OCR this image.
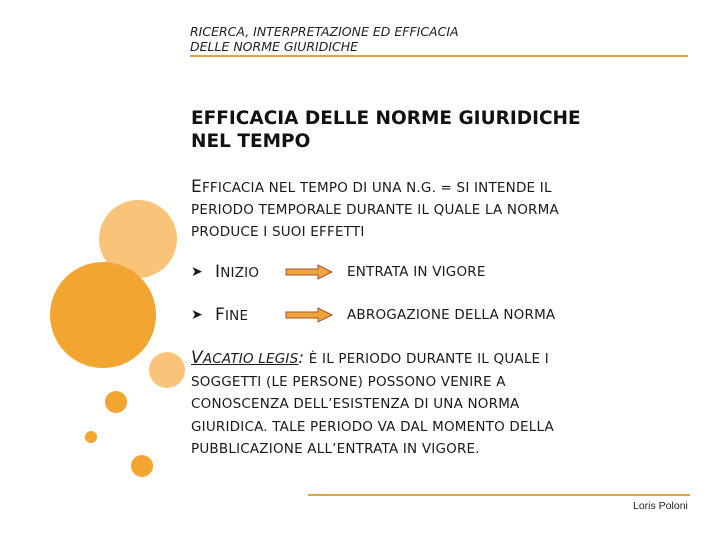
RICERCA, INTERPRETAZIONE ED EFFICACIA
DELLE NORME GIURIDICHE
EFFICACIA DELLE NORME GIURIDICHE
NEL TEMPO
EFFICACIA NEL TEMPO DI UNA N.G. = SI INTENDE IL
PERIODO TEMPORALE DURANTE IL QUALE LA NORMA
PRODUCE I SUOI EFFETTI
➤ INIZIO	ENTRATA IN VIGORE
➤ FINE	ABROGAZIONE DELLA NORMA
VACATIO LEGIS: È IL PERIODO DURANTE IL QUALE I
SOGGETTI (LE PERSONE) POSSONO VENIRE A
CONOSCENZA DELL’ESISTENZA DI UNA NORMA
GIURIDICA. TALE PERIODO VA DAL MOMENTO DELLA
PUBBLICAZIONE ALL’ENTRATA IN VIGORE.
Loris Poloni
